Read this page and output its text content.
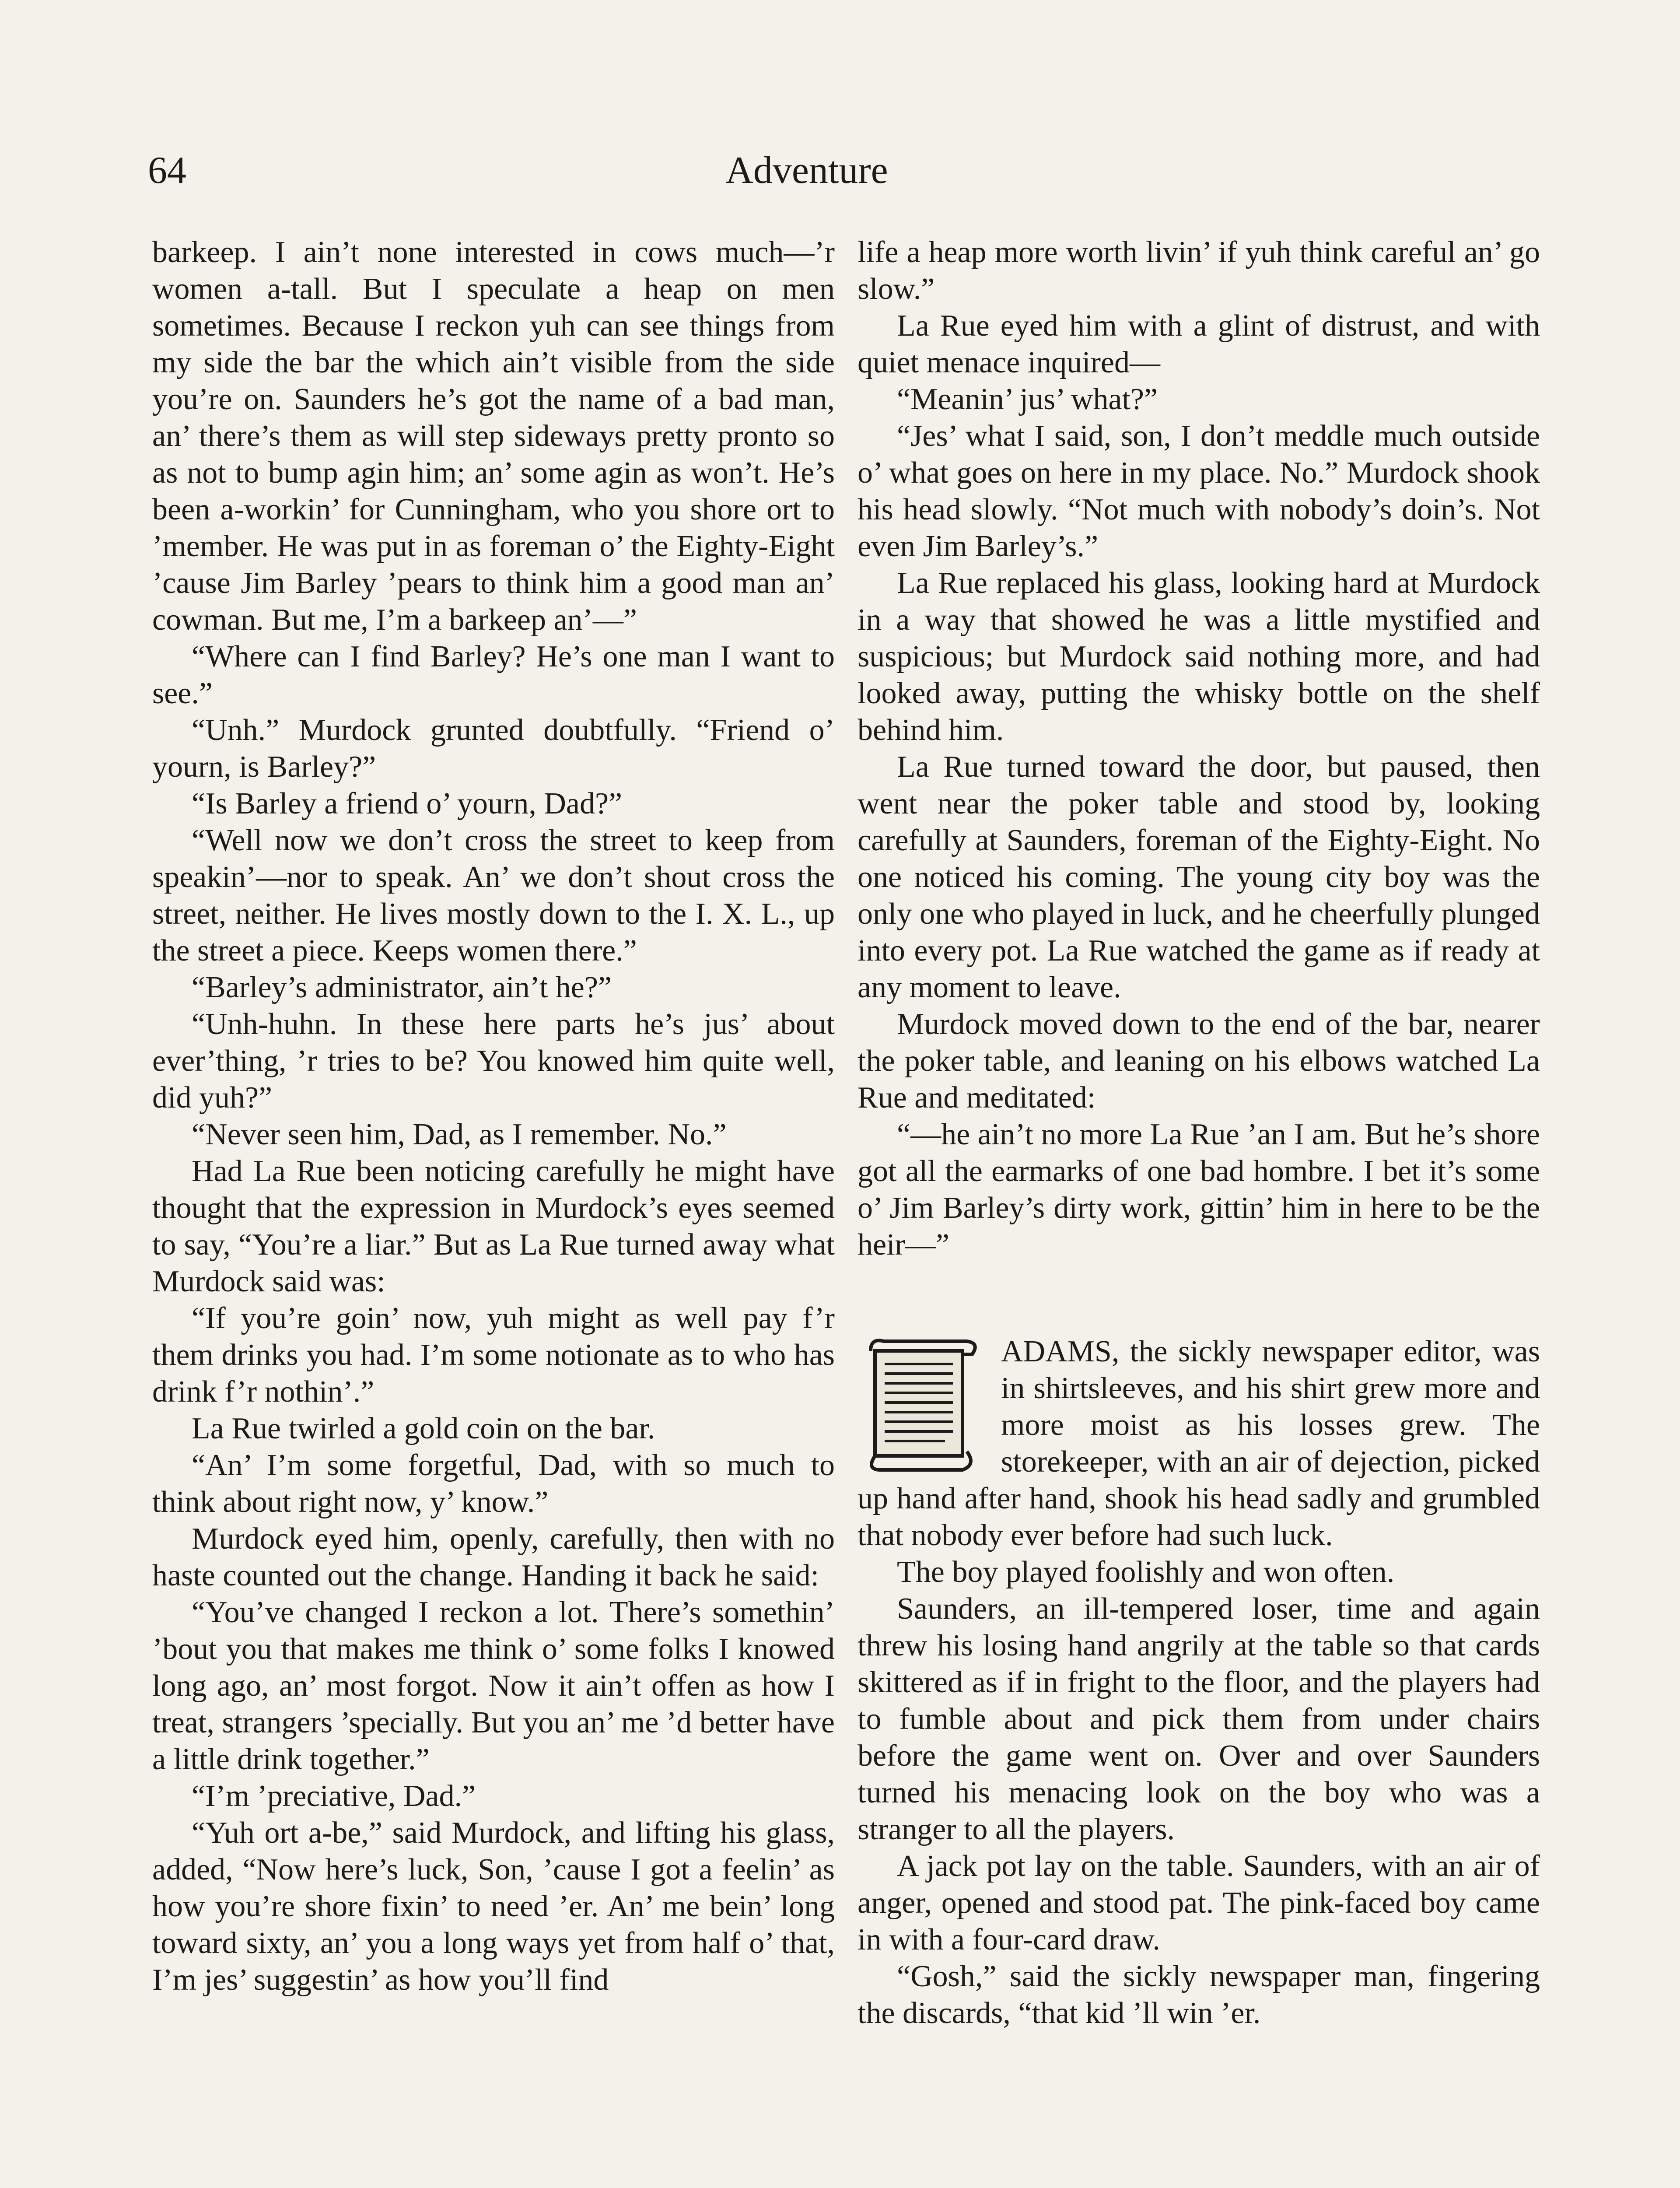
64	Adventure

barkeep. I ain’t none interested in cows much—’r women a-tall. But I speculate a heap on men sometimes. Because I reckon yuh can see things from my side the bar the which ain’t visible from the side you’re on. Saunders he’s got the name of a bad man, an’ there’s them as will step sideways pretty pronto so as not to bump agin him; an’ some agin as won’t. He’s been a-workin’ for Cunningham, who you shore ort to ’member. He was put in as foreman o’ the Eighty-Eight ’cause Jim Barley ’pears to think him a good man an’ cowman. But me, I’m a barkeep an’—”

“Where can I find Barley? He’s one man I want to see.”

“Unh.” Murdock grunted doubtfully. “Friend o’ yourn, is Barley?”

“Is Barley a friend o’ yourn, Dad?”

“Well now we don’t cross the street to keep from speakin’—nor to speak. An’ we don’t shout cross the street, neither. He lives mostly down to the I. X. L., up the street a piece. Keeps women there.”

“Barley’s administrator, ain’t he?”

“Unh-huhn. In these here parts he’s jus’ about ever’thing, ’r tries to be? You knowed him quite well, did yuh?”

“Never seen him, Dad, as I remember. No.”

Had La Rue been noticing carefully he might have thought that the expression in Murdock’s eyes seemed to say, “You’re a liar.” But as La Rue turned away what Murdock said was:

“If you’re goin’ now, yuh might as well pay f’r them drinks you had. I’m some notionate as to who has drink f’r nothin’.”

La Rue twirled a gold coin on the bar.

“An’ I’m some forgetful, Dad, with so much to think about right now, y’ know.”

Murdock eyed him, openly, carefully, then with no haste counted out the change. Handing it back he said:

“You’ve changed I reckon a lot. There’s somethin’ ’bout you that makes me think o’ some folks I knowed long ago, an’ most forgot. Now it ain’t offen as how I treat, strangers ’specially. But you an’ me ’d better have a little drink together.”

“I’m ’preciative, Dad.”

“Yuh ort a-be,” said Murdock, and lifting his glass, added, “Now here’s luck, Son, ’cause I got a feelin’ as how you’re shore fixin’ to need ’er. An’ me bein’ long toward sixty, an’ you a long ways yet from half o’ that, I’m jes’ suggestin’ as how you’ll find

life a heap more worth livin’ if yuh think careful an’ go slow.”

La Rue eyed him with a glint of distrust, and with quiet menace inquired—

“Meanin’ jus’ what?”

“Jes’ what I said, son, I don’t meddle much outside o’ what goes on here in my place. No.” Murdock shook his head slowly. “Not much with nobody’s doin’s. Not even Jim Barley’s.”

La Rue replaced his glass, looking hard at Murdock in a way that showed he was a little mystified and suspicious; but Murdock said nothing more, and had looked away, putting the whisky bottle on the shelf behind him.

La Rue turned toward the door, but paused, then went near the poker table and stood by, looking carefully at Saunders, foreman of the Eighty-Eight. No one noticed his coming. The young city boy was the only one who played in luck, and he cheerfully plunged into every pot. La Rue watched the game as if ready at any moment to leave.

Murdock moved down to the end of the bar, nearer the poker table, and leaning on his elbows watched La Rue and meditated:

“—he ain’t no more La Rue ’an I am. But he’s shore got all the earmarks of one bad hombre. I bet it’s some o’ Jim Barley’s dirty work, gittin’ him in here to be the heir—”

ADAMS, the sickly newspaper editor, was in shirtsleeves, and his shirt grew more and more moist as his losses grew. The storekeeper, with an air of dejection, picked up hand after hand, shook his head sadly and grumbled that nobody ever before had such luck.

The boy played foolishly and won often.

Saunders, an ill-tempered loser, time and again threw his losing hand angrily at the table so that cards skittered as if in fright to the floor, and the players had to fumble about and pick them from under chairs before the game went on. Over and over Saunders turned his menacing look on the boy who was a stranger to all the players.

A jack pot lay on the table. Saunders, with an air of anger, opened and stood pat. The pink-faced boy came in with a four-card draw.

“Gosh,” said the sickly newspaper man, fingering the discards, “that kid ’ll win ’er.
